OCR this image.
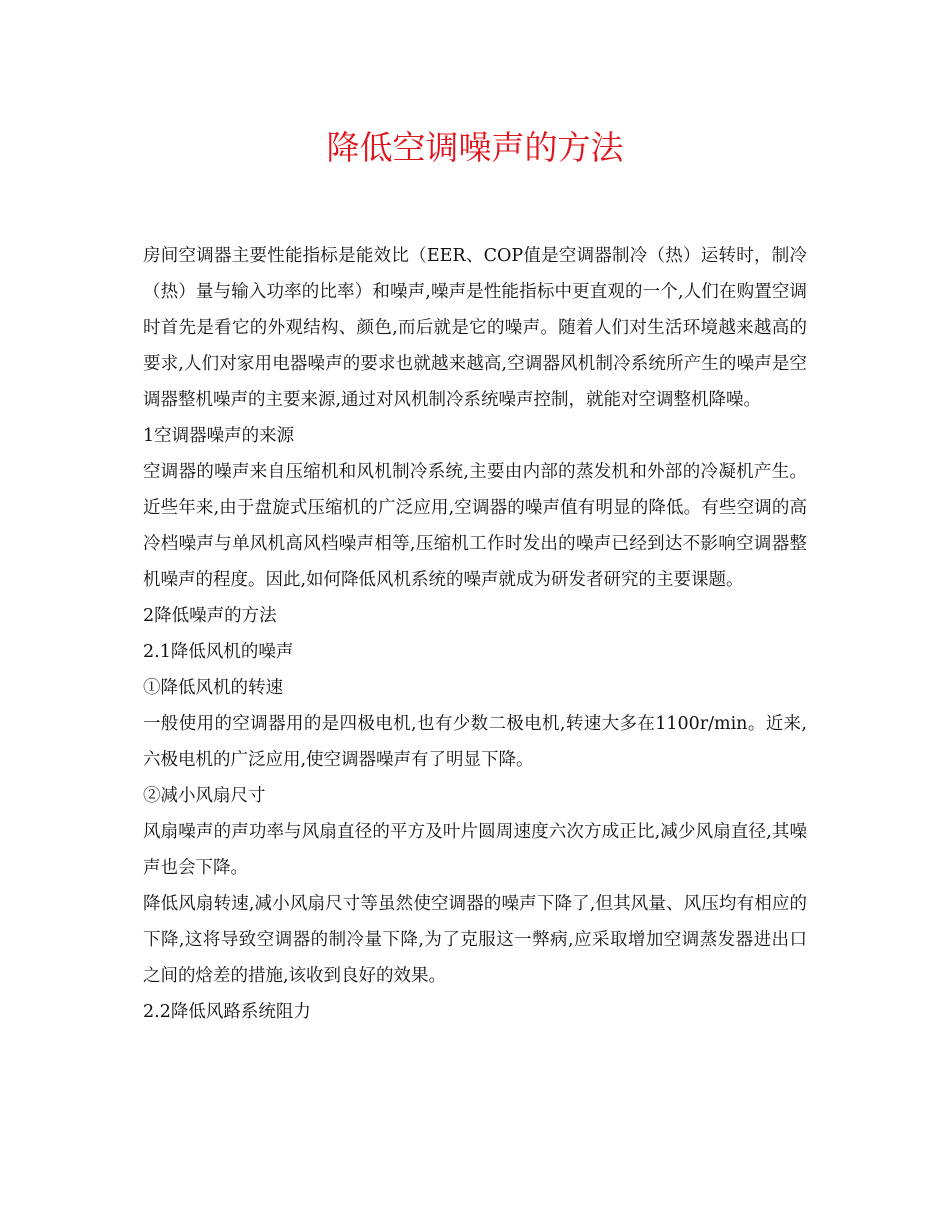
降低空调噪声的方法

房间空调器主要性能指标是能效比（EER、COP值是空调器制冷（热）运转时，制冷（热）量与输入功率的比率）和噪声,噪声是性能指标中更直观的一个,人们在购置空调时首先是看它的外观结构、颜色,而后就是它的噪声。随着人们对生活环境越来越高的要求,人们对家用电器噪声的要求也就越来越高,空调器风机制冷系统所产生的噪声是空调器整机噪声的主要来源,通过对风机制冷系统噪声控制，就能对空调整机降噪。

1空调器噪声的来源

空调器的噪声来自压缩机和风机制冷系统,主要由内部的蒸发机和外部的冷凝机产生。近些年来,由于盘旋式压缩机的广泛应用,空调器的噪声值有明显的降低。有些空调的高冷档噪声与单风机高风档噪声相等,压缩机工作时发出的噪声已经到达不影响空调器整机噪声的程度。因此,如何降低风机系统的噪声就成为研发者研究的主要课题。

2降低噪声的方法

2.1降低风机的噪声

①降低风机的转速

一般使用的空调器用的是四极电机,也有少数二极电机,转速大多在1100r/min。近来,六极电机的广泛应用,使空调器噪声有了明显下降。

②减小风扇尺寸

风扇噪声的声功率与风扇直径的平方及叶片圆周速度六次方成正比,减少风扇直径,其噪声也会下降。

降低风扇转速,减小风扇尺寸等虽然使空调器的噪声下降了,但其风量、风压均有相应的下降,这将导致空调器的制冷量下降,为了克服这一弊病,应采取增加空调蒸发器进出口之间的焓差的措施,该收到良好的效果。

2.2降低风路系统阻力
